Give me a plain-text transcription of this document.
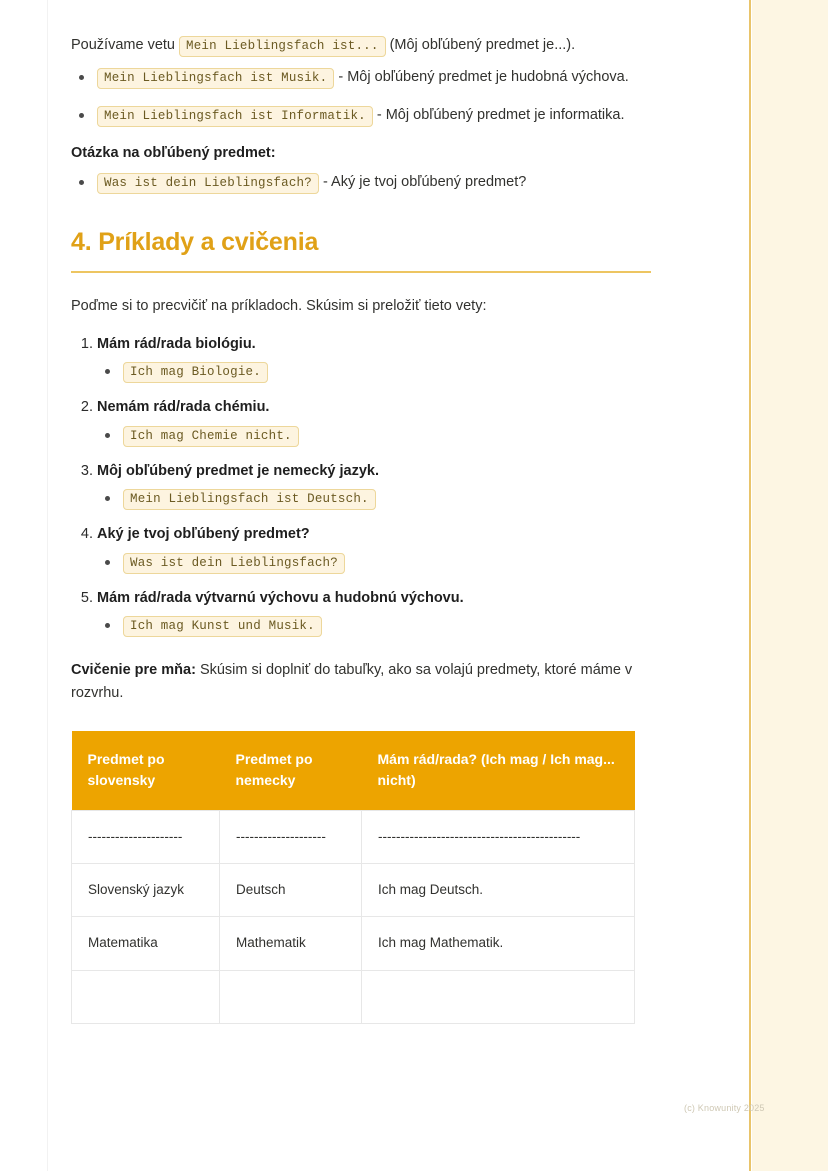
Používame vetu Mein Lieblingsfach ist... (Môj obľúbený predmet je...).

Mein Lieblingsfach ist Musik. - Môj obľúbený predmet je hudobná výchova.
Mein Lieblingsfach ist Informatik. - Môj obľúbený predmet je informatika.

Otázka na obľúbený predmet:

Was ist dein Lieblingsfach? - Aký je tvoj obľúbený predmet?
4. Príklady a cvičenia

Poďme si to precvičiť na príkladoch. Skúsim si preložiť tieto vety:

1. Mám rád/rada biológiu.
Ich mag Biologie.
2. Nemám rád/rada chémiu.
Ich mag Chemie nicht.
3. Môj obľúbený predmet je nemecký jazyk.
Mein Lieblingsfach ist Deutsch.
4. Aký je tvoj obľúbený predmet?
Was ist dein Lieblingsfach?
5. Mám rád/rada výtvarnú výchovu a hudobnú výchovu.
Ich mag Kunst und Musik.

Cvičenie pre mňa: Skúsim si doplniť do tabuľky, ako sa volajú predmety, ktoré máme v rozvrhu.

Predmet po slovensky	Predmet po nemecky	Mám rád/rada? (Ich mag / Ich mag... nicht)
---------------------	--------------------	---------------------------------------------
Slovenský jazyk	Deutsch	Ich mag Deutsch.
Matematika	Mathematik	Ich mag Mathematik.

(c) Knowunity 2025
